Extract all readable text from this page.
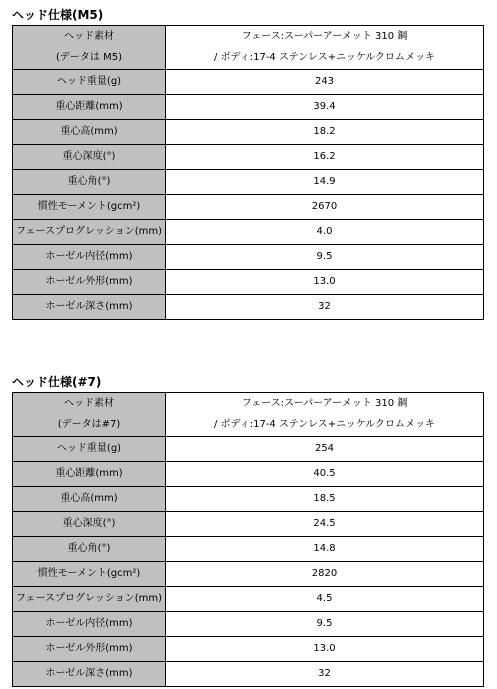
ヘッド仕様(M5)
ヘッド素材	フェース:スーパーアーメット 310 鋼
(データは M5)	/ ボディ:17-4 ステンレス+ニッケルクロムメッキ
ヘッド重量(g)	243
重心距離(mm)	39.4
重心高(mm)	18.2
重心深度(°)	16.2
重心角(°)	14.9
慣性モーメント(gcm²)	2670
フェースプログレッション(mm)	4.0
ホーゼル内径(mm)	9.5
ホーゼル外形(mm)	13.0
ホーゼル深さ(mm)	32
ヘッド仕様(#7)
ヘッド素材	フェース:スーパーアーメット 310 鋼
(データは#7)	/ ボディ:17-4 ステンレス+ニッケルクロムメッキ
ヘッド重量(g)	254
重心距離(mm)	40.5
重心高(mm)	18.5
重心深度(°)	24.5
重心角(°)	14.8
慣性モーメント(gcm²)	2820
フェースプログレッション(mm)	4.5
ホーゼル内径(mm)	9.5
ホーゼル外形(mm)	13.0
ホーゼル深さ(mm)	32
